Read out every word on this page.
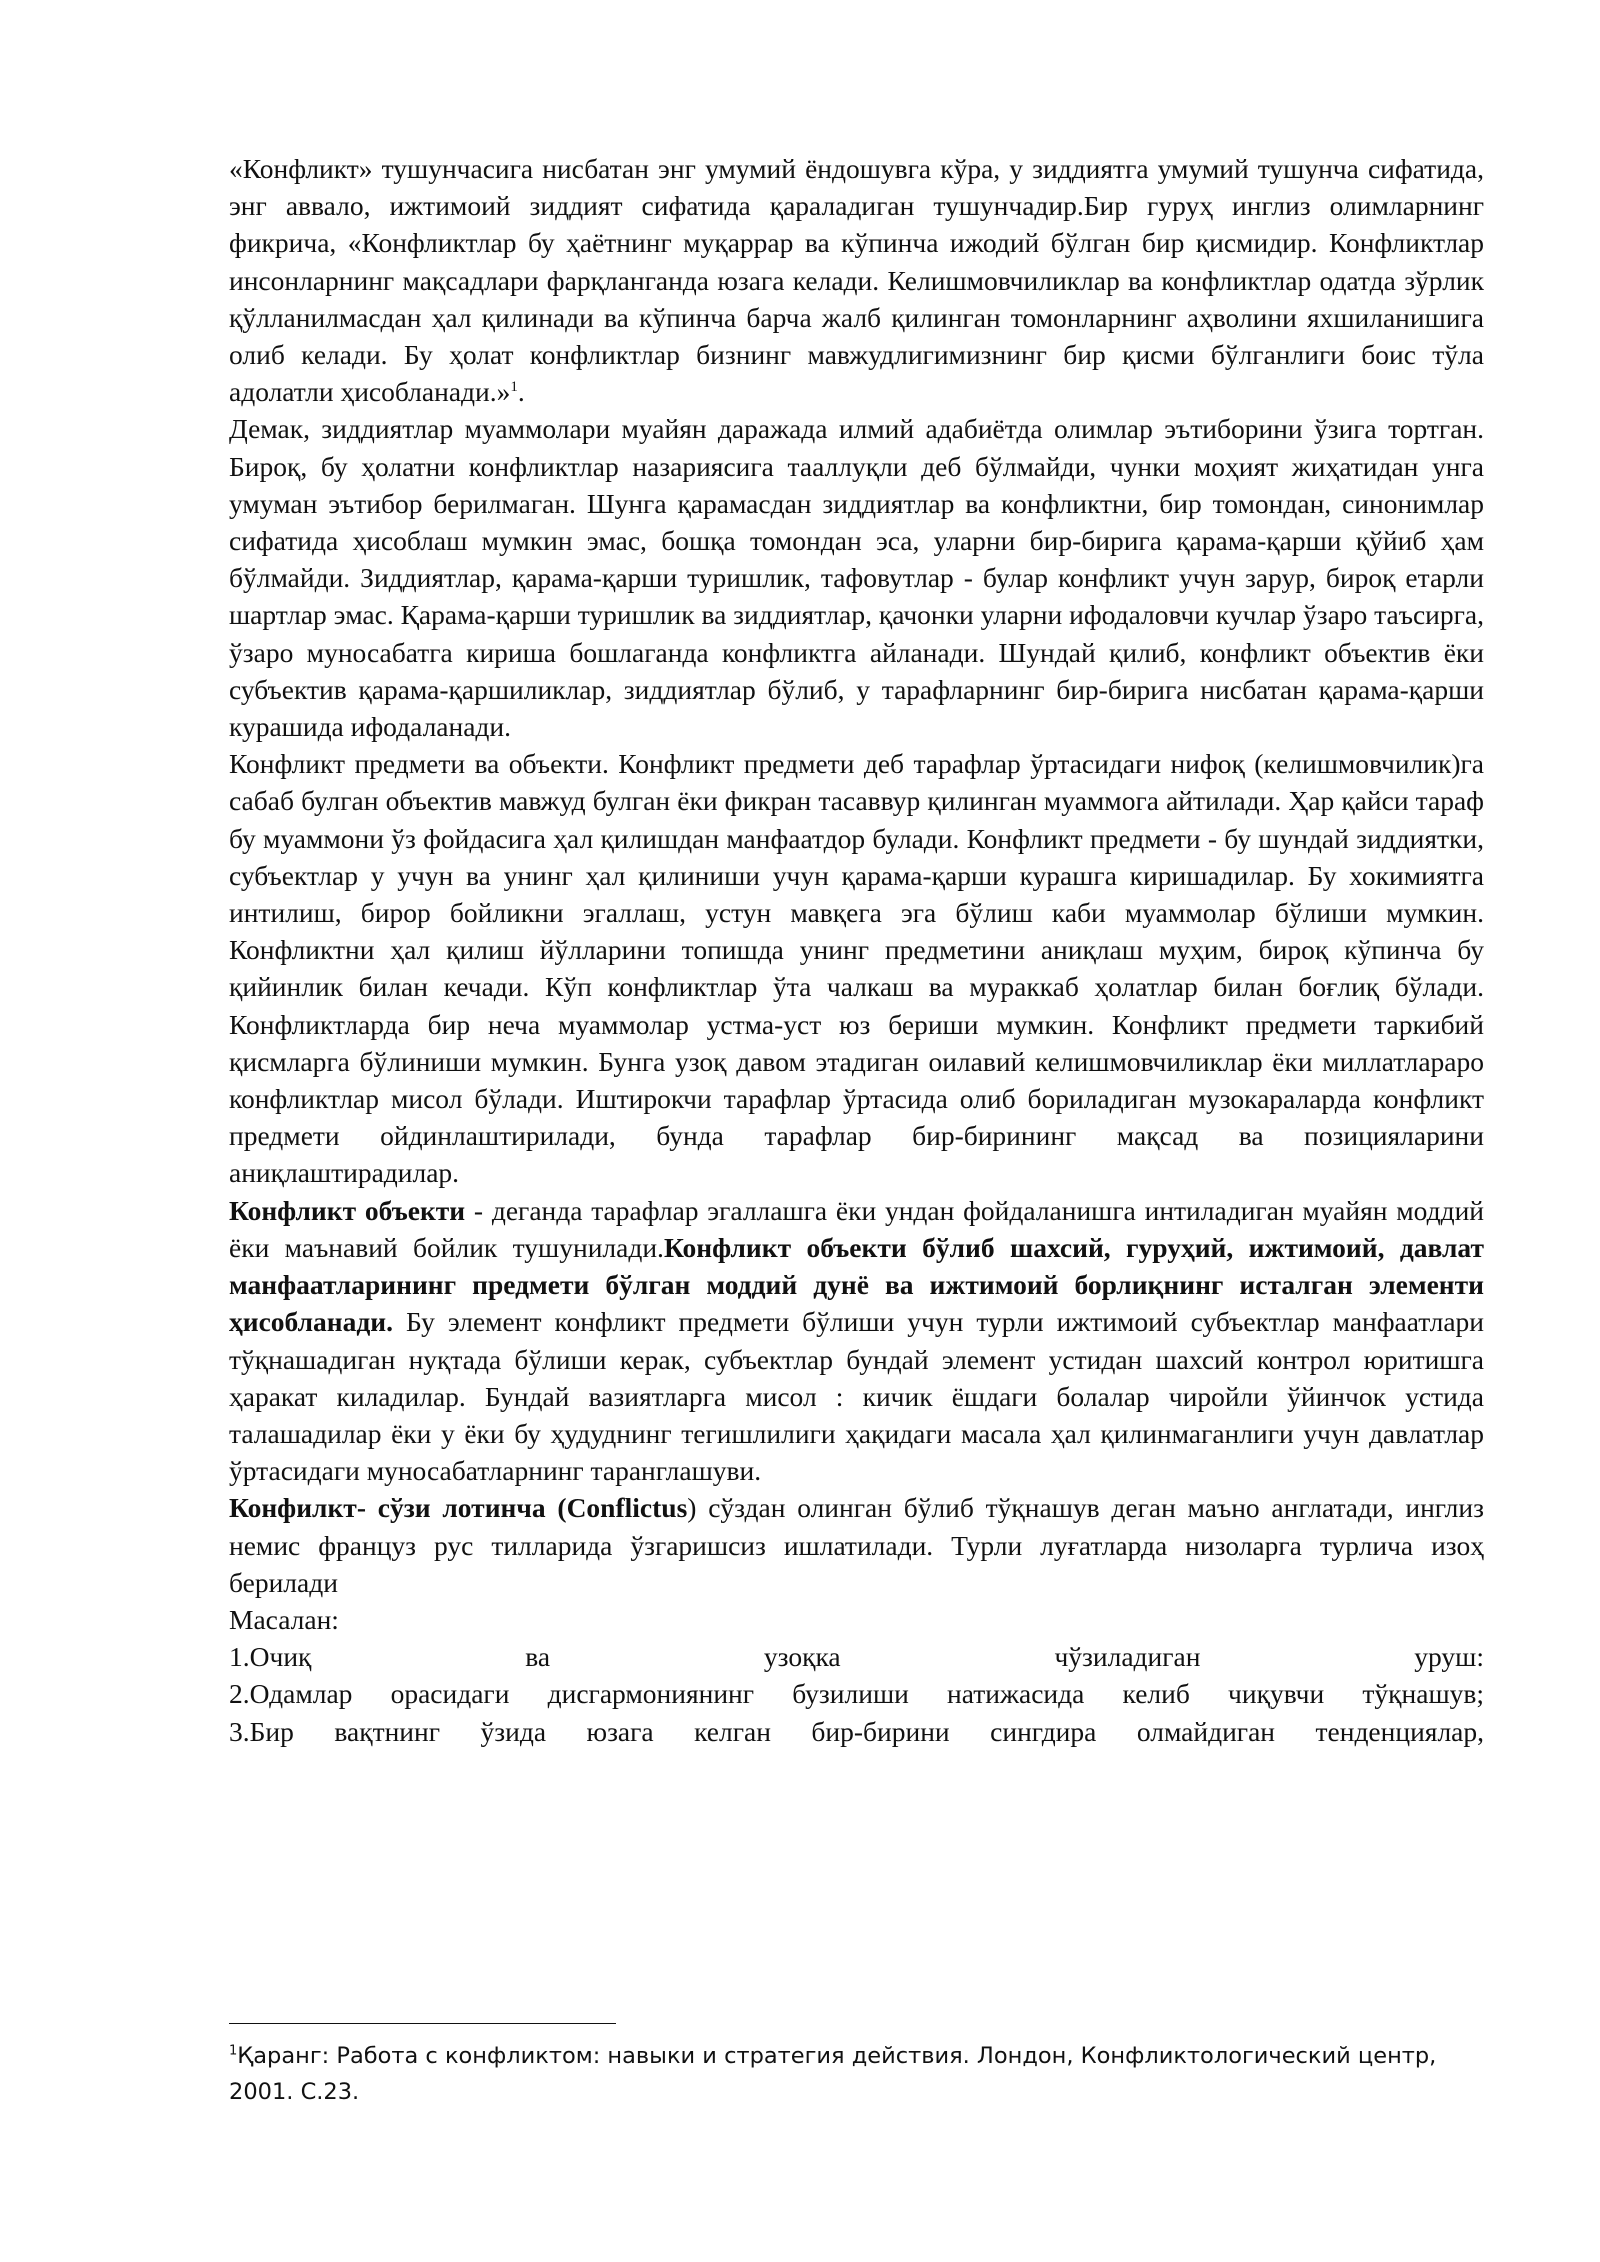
«Конфликт» тушунчасига нисбатан энг умумий ёндошувга кўра, у зиддиятга умумий тушунча сифатида, энг аввало, ижтимоий зиддият сифатида қараладиган тушунчадир.Бир гуруҳ инглиз олимларнинг фикрича, «Конфликтлар бу ҳаётнинг муқаррар ва кўпинча ижодий бўлган бир қисмидир. Конфликтлар инсонларнинг мақсадлари фарқланганда юзага келади. Келишмовчиликлар ва конфликтлар одатда зўрлик қўлланилмасдан ҳал қилинади ва кўпинча барча жалб қилинган томонларнинг аҳволини яхшиланишига олиб келади. Бу ҳолат конфликтлар бизнинг мавжудлигимизнинг бир қисми бўлганлиги боис тўла адолатли ҳисобланади.»$^1$.

Демак, зиддиятлар муаммолари муайян даражада илмий адабиётда олимлар эътиборини ўзига тортган. Бироқ, бу ҳолатни конфликтлар назариясига тааллуқли деб бўлмайди, чунки моҳият жиҳатидан унга умуман эътибор берилмаган. Шунга қарамасдан зиддиятлар ва конфликтни, бир томондан, синонимлар сифатида ҳисоблаш мумкин эмас, бошқа томондан эса, уларни бир-бирига қарама-қарши қўйиб ҳам бўлмайди. Зиддиятлар, қарама-қарши туришлик, тафовутлар - булар конфликт учун зарур, бироқ етарли шартлар эмас. Қарама-қарши туришлик ва зиддиятлар, қачонки уларни ифодаловчи кучлар ўзаро таъсирга, ўзаро муносабатга кириша бошлаганда конфликтга айланади. Шундай қилиб, конфликт объектив ёки субъектив қарама-қаршиликлар, зиддиятлар бўлиб, у тарафларнинг бир-бирига нисбатан қарама-қарши курашида ифодаланади.

Конфликт предмети ва объекти. Конфликт предмети деб тарафлар ўртасидаги нифоқ (келишмовчилик)га сабаб булган объектив мавжуд булган ёки фикран тасаввур қилинган муаммога айтилади. Ҳар қайси тараф бу муаммони ўз фойдасига ҳал қилишдан манфаатдор булади. Конфликт предмети - бу шундай зиддиятки, субъектлар у учун ва унинг ҳал қилиниши учун қарама-қарши курашга киришадилар. Бу хокимиятга интилиш, бирор бойликни эгаллаш, устун мавқега эга бўлиш каби муаммолар бўлиши мумкин. Конфликтни ҳал қилиш йўлларини топишда унинг предметини аниқлаш муҳим, бироқ кўпинча бу қийинлик билан кечади. Кўп конфликтлар ўта чалкаш ва мураккаб ҳолатлар билан боғлиқ бўлади. Конфликтларда бир неча муаммолар устма-уст юз бериши мумкин. Конфликт предмети таркибий қисмларга бўлиниши мумкин. Бунга узоқ давом этадиган оилавий келишмовчиликлар ёки миллатлараро конфликтлар мисол бўлади. Иштирокчи тарафлар ўртасида олиб бориладиган музокараларда конфликт предмети ойдинлаштирилади, бунда тарафлар бир-бирининг мақсад ва позицияларини аниқлаштирадилар.

Конфликт объекти - деганда тарафлар эгаллашга ёки ундан фойдаланишга интиладиган муайян моддий ёки маънавий бойлик тушунилади.Конфликт объекти бўлиб шахсий, гуруҳий, ижтимоий, давлат манфаатларининг предмети бўлган моддий дунё ва ижтимоий борлиқнинг исталган элементи ҳисобланади. Бу элемент конфликт предмети бўлиши учун турли ижтимоий субъектлар манфаатлари тўқнашадиган нуқтада бўлиши керак, субъектлар бундай элемент устидан шахсий контрол юритишга ҳаракат киладилар. Бундай вазиятларга мисол : кичик ёшдаги болалар чиройли ўйинчок устида талашадилар ёки у ёки бу ҳудуднинг тегишлилиги ҳақидаги масала ҳал қилинмаганлиги учун давлатлар ўртасидаги муносабатларнинг таранглашуви.

Конфилкт- сўзи лотинча (Conflictus) сўздан олинган бўлиб тўқнашув деган маъно англатади, инглиз немис француз рус тилларида ўзгаришсиз ишлатилади. Турли луғатларда низоларга турлича изоҳ берилади

Масалан:

1.Очиқ ва узоқка чўзиладиган уруш:

2.Одамлар орасидаги дисгармониянинг бузилиши натижасида келиб чиқувчи тўқнашув;

3.Бир вақтнинг ўзида юзага келган бир-бирини сингдира олмайдиган тенденциялар,

$^1$Қаранг: Работа с конфликтом: навыки и стратегия действия. Лондон, Конфликтологический центр, 2001. С.23.
